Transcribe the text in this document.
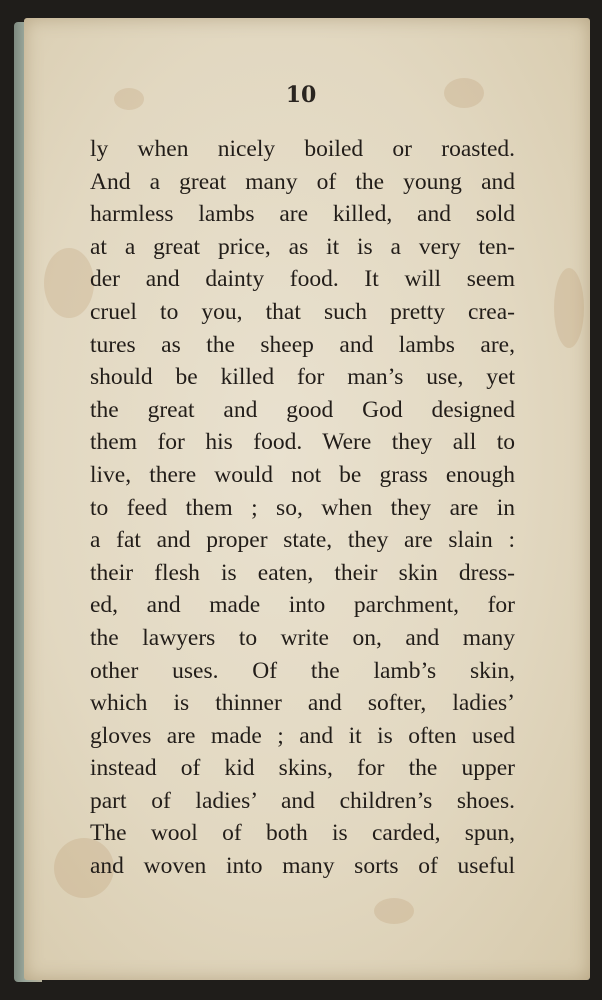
10
ly when nicely boiled or roasted.
And a great many of the young and
harmless lambs are killed, and sold
at a great price, as it is a very ten-
der and dainty food. It will seem
cruel to you, that such pretty crea-
tures as the sheep and lambs are,
should be killed for man’s use, yet
the great and good God designed
them for his food. Were they all to
live, there would not be grass enough
to feed them ; so, when they are in
a fat and proper state, they are slain :
their flesh is eaten, their skin dress-
ed, and made into parchment, for
the lawyers to write on, and many
other uses. Of the lamb’s skin,
which is thinner and softer, ladies’
gloves are made ; and it is often used
instead of kid skins, for the upper
part of ladies’ and children’s shoes.
The wool of both is carded, spun,
and woven into many sorts of useful
